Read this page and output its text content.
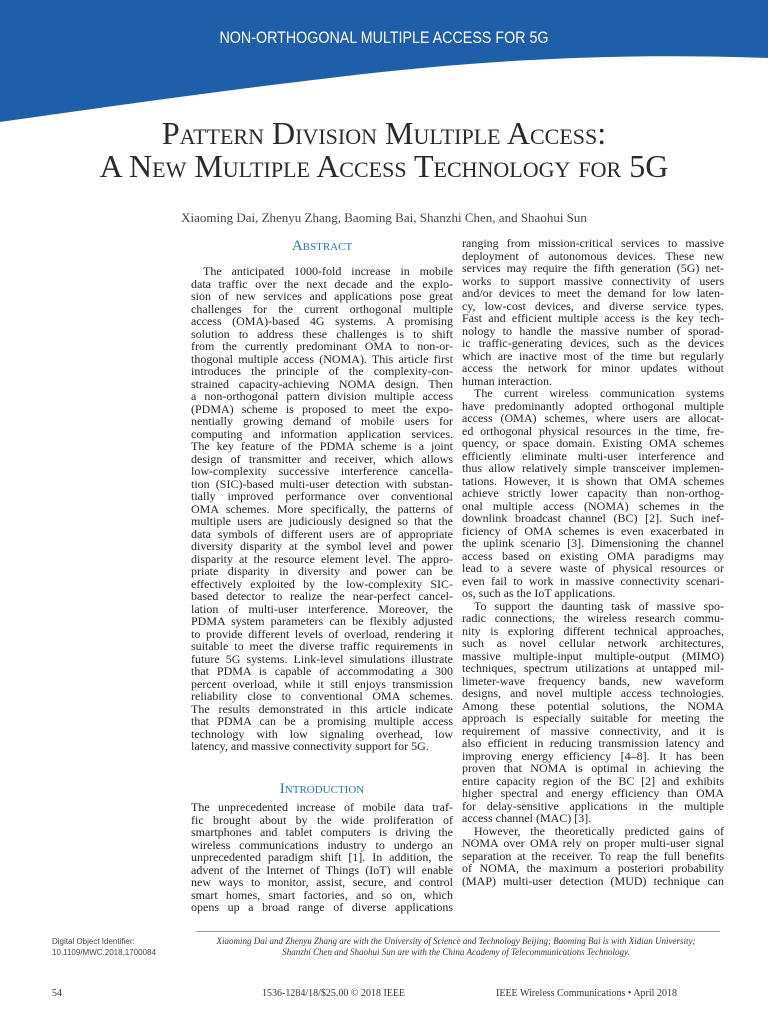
NON-ORTHOGONAL MULTIPLE ACCESS FOR 5G
Pattern Division Multiple Access:
A New Multiple Access Technology for 5G
Xiaoming Dai, Zhenyu Zhang, Baoming Bai, Shanzhi Chen, and Shaohui Sun
Abstract
The anticipated 1000-fold increase in mobile
data traffic over the next decade and the explo-
sion of new services and applications pose great
challenges for the current orthogonal multiple
access (OMA)-based 4G systems. A promising
solution to address these challenges is to shift
from the currently predominant OMA to non-or-
thogonal multiple access (NOMA). This article first
introduces the principle of the complexity-con-
strained capacity-achieving NOMA design. Then
a non-orthogonal pattern division multiple access
(PDMA) scheme is proposed to meet the expo-
nentially growing demand of mobile users for
computing and information application services.
The key feature of the PDMA scheme is a joint
design of transmitter and receiver, which allows
low-complexity successive interference cancella-
tion (SIC)-based multi-user detection with substan-
tially improved performance over conventional
OMA schemes. More specifically, the patterns of
multiple users are judiciously designed so that the
data symbols of different users are of appropriate
diversity disparity at the symbol level and power
disparity at the resource element level. The appro-
priate disparity in diversity and power can be
effectively exploited by the low-complexity SIC-
based detector to realize the near-perfect cancel-
lation of multi-user interference. Moreover, the
PDMA system parameters can be flexibly adjusted
to provide different levels of overload, rendering it
suitable to meet the diverse traffic requirements in
future 5G systems. Link-level simulations illustrate
that PDMA is capable of accommodating a 300
percent overload, while it still enjoys transmission
reliability close to conventional OMA schemes.
The results demonstrated in this article indicate
that PDMA can be a promising multiple access
technology with low signaling overhead, low
latency, and massive connectivity support for 5G.
Introduction
The unprecedented increase of mobile data traf-
fic brought about by the wide proliferation of
smartphones and tablet computers is driving the
wireless communications industry to undergo an
unprecedented paradigm shift [1]. In addition, the
advent of the Internet of Things (IoT) will enable
new ways to monitor, assist, secure, and control
smart homes, smart factories, and so on, which
opens up a broad range of diverse applications
ranging from mission-critical services to massive
deployment of autonomous devices. These new
services may require the fifth generation (5G) net-
works to support massive connectivity of users
and/or devices to meet the demand for low laten-
cy, low-cost devices, and diverse service types.
Fast and efficient multiple access is the key tech-
nology to handle the massive number of sporad-
ic traffic-generating devices, such as the devices
which are inactive most of the time but regularly
access the network for minor updates without
human interaction.
The current wireless communication systems
have predominantly adopted orthogonal multiple
access (OMA) schemes, where users are allocat-
ed orthogonal physical resources in the time, fre-
quency, or space domain. Existing OMA schemes
efficiently eliminate multi-user interference and
thus allow relatively simple transceiver implemen-
tations. However, it is shown that OMA schemes
achieve strictly lower capacity than non-orthog-
onal multiple access (NOMA) schemes in the
downlink broadcast channel (BC) [2]. Such inef-
ficiency of OMA schemes is even exacerbated in
the uplink scenario [3]. Dimensioning the channel
access based on existing OMA paradigms may
lead to a severe waste of physical resources or
even fail to work in massive connectivity scenari-
os, such as the IoT applications.
To support the daunting task of massive spo-
radic connections, the wireless research commu-
nity is exploring different technical approaches,
such as novel cellular network architectures,
massive multiple-input multiple-output (MIMO)
techniques, spectrum utilizations at untapped mil-
limeter-wave frequency bands, new waveform
designs, and novel multiple access technologies.
Among these potential solutions, the NOMA
approach is especially suitable for meeting the
requirement of massive connectivity, and it is
also efficient in reducing transmission latency and
improving energy efficiency [4–8]. It has been
proven that NOMA is optimal in achieving the
entire capacity region of the BC [2] and exhibits
higher spectral and energy efficiency than OMA
for delay-sensitive applications in the multiple
access channel (MAC) [3].
However, the theoretically predicted gains of
NOMA over OMA rely on proper multi-user signal
separation at the receiver. To reap the full benefits
of NOMA, the maximum a posteriori probability
(MAP) multi-user detection (MUD) technique can
Digital Object Identifier:
10.1109/MWC.2018.1700084
Xiaoming Dai and Zhenyu Zhang are with the University of Science and Technology Beijing; Baoming Bai is with Xidian University;
Shanzhi Chen and Shaohui Sun are with the China Academy of Telecommunications Technology.
54	1536-1284/18/$25.00 © 2018 IEEE	IEEE Wireless Communications • April 2018
